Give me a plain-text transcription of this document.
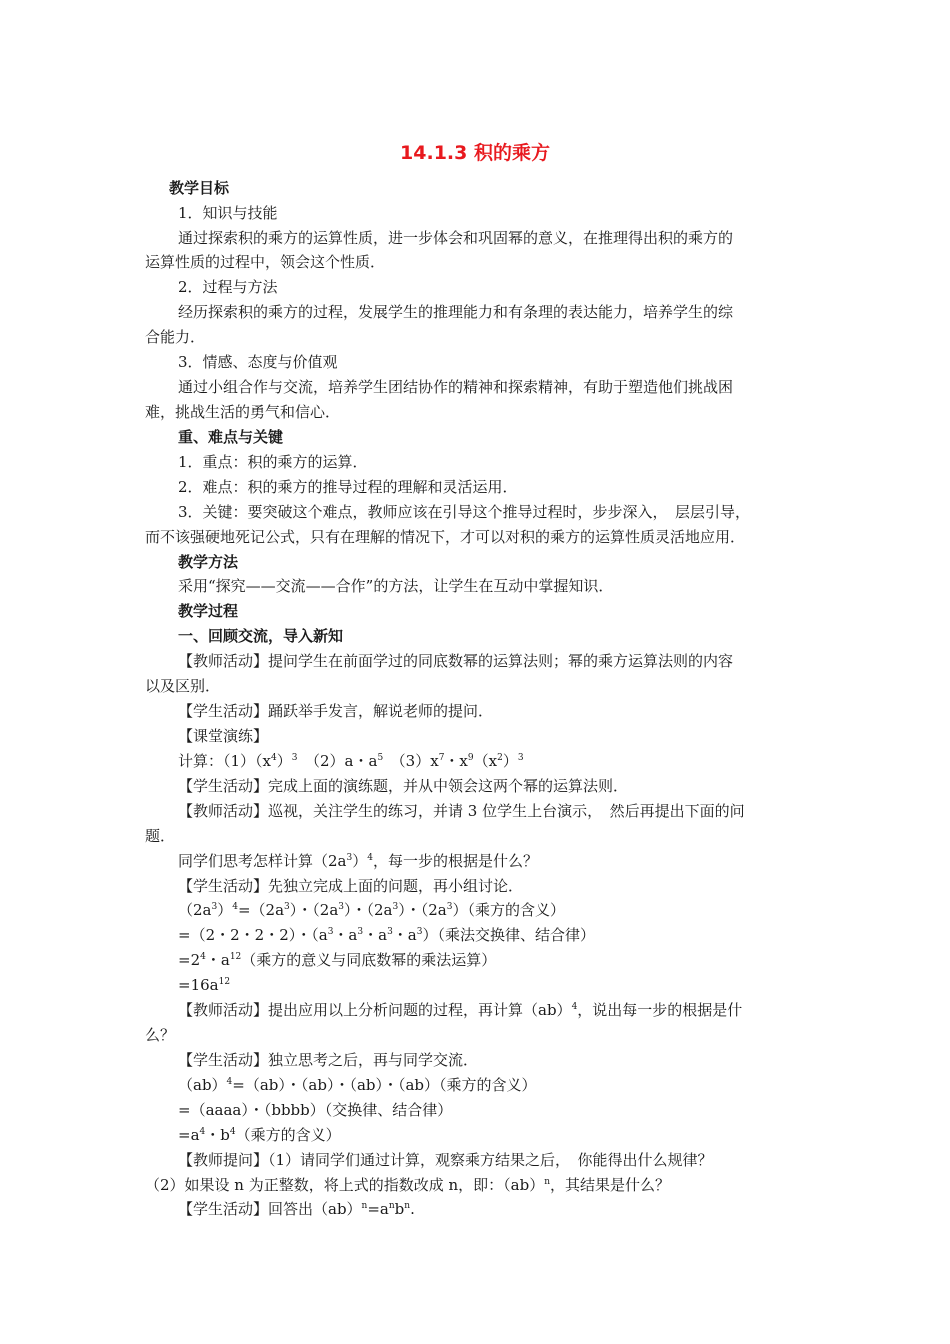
14.1.3 积的乘方
教学目标
1．知识与技能
通过探索积的乘方的运算性质，进一步体会和巩固幂的意义，在推理得出积的乘方的
运算性质的过程中，领会这个性质．
2．过程与方法
经历探索积的乘方的过程，发展学生的推理能力和有条理的表达能力，培养学生的综
合能力．
3．情感、态度与价值观
通过小组合作与交流，培养学生团结协作的精神和探索精神，有助于塑造他们挑战困
难，挑战生活的勇气和信心．
重、难点与关键
1．重点：积的乘方的运算．
2．难点：积的乘方的推导过程的理解和灵活运用．
3．关键：要突破这个难点，教师应该在引导这个推导过程时，步步深入，　层层引导，
而不该强硬地死记公式，只有在理解的情况下，才可以对积的乘方的运算性质灵活地应用．
教学方法
采用“探究——交流——合作”的方法，让学生在互动中掌握知识．
教学过程
一、回顾交流，导入新知
【教师活动】提问学生在前面学过的同底数幂的运算法则；幂的乘方运算法则的内容
以及区别．
【学生活动】踊跃举手发言，解说老师的提问．
【课堂演练】
计算：$(1)(x^4)^3$　（2）a・$a^5$　$(3)x^7$・$x^9(x^2)^3$
【学生活动】完成上面的演练题，并从中领会这两个幂的运算法则．
【教师活动】巡视，关注学生的练习，并请 3 位学生上台演示，　然后再提出下面的问
题．
同学们思考怎样计算$(2a^3)^4$，每一步的根据是什么？
【学生活动】先独立完成上面的问题，再小组讨论．
$(2a^3)^4=(2a^3)$・$(2a^3)$・$(2a^3)$・$(2a^3)$（乘方的含义）
=（2・2・2・2）・（$a^3$・$a^3$・$a^3$・$a^3$）（乘法交换律、结合律）
$=2^4$・$a^{12}$（乘方的意义与同底数幂的乘法运算）
$=16a^{12}$
【教师活动】提出应用以上分析问题的过程，再计算（ab）$^4$，说出每一步的根据是什
么？
【学生活动】独立思考之后，再与同学交流．
（ab）$^4$=（ab）・（ab）・（ab）・（ab）（乘方的含义）
=（aaaa）・（bbbb）（交换律、结合律）
$=a^4$・$b^4$（乘方的含义）
【教师提问】（1）请同学们通过计算，观察乘方结果之后，　你能得出什么规律？
（2）如果设 n 为正整数，将上式的指数改成 n，即：（ab）$^n$，其结果是什么？
【学生活动】回答出$(ab)^n=a^nb^n$.
